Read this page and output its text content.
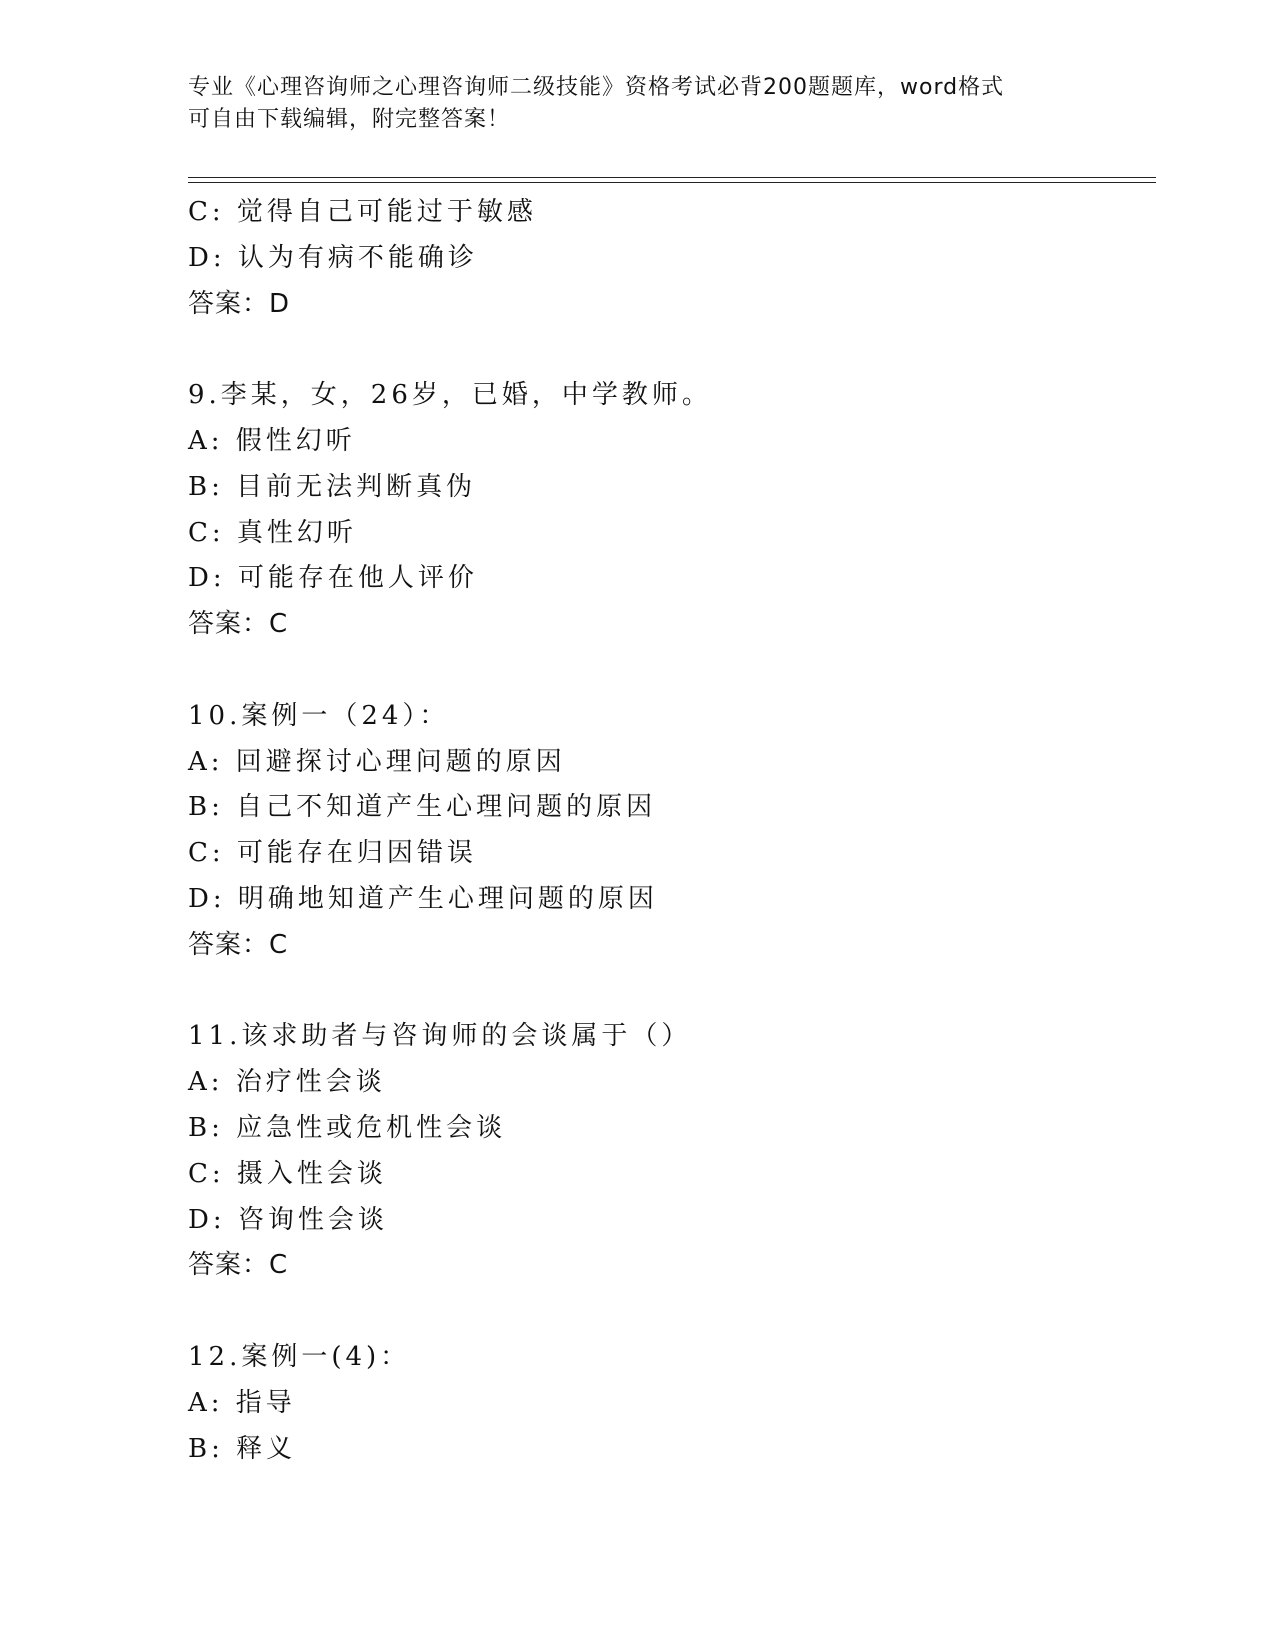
专业《心理咨询师之心理咨询师二级技能》资格考试必背200题题库，word格式
可自由下载编辑，附完整答案！
C: 觉得自己可能过于敏感
D: 认为有病不能确诊
答案：D
9.李某，女，26岁，已婚，中学教师。
A: 假性幻听
B: 目前无法判断真伪
C: 真性幻听
D: 可能存在他人评价
答案：C
10.案例一（24）：
A: 回避探讨心理问题的原因
B: 自己不知道产生心理问题的原因
C: 可能存在归因错误
D: 明确地知道产生心理问题的原因
答案：C
11.该求助者与咨询师的会谈属于（）
A: 治疗性会谈
B: 应急性或危机性会谈
C: 摄入性会谈
D: 咨询性会谈
答案：C
12.案例一(4)：
A: 指导
B: 释义
